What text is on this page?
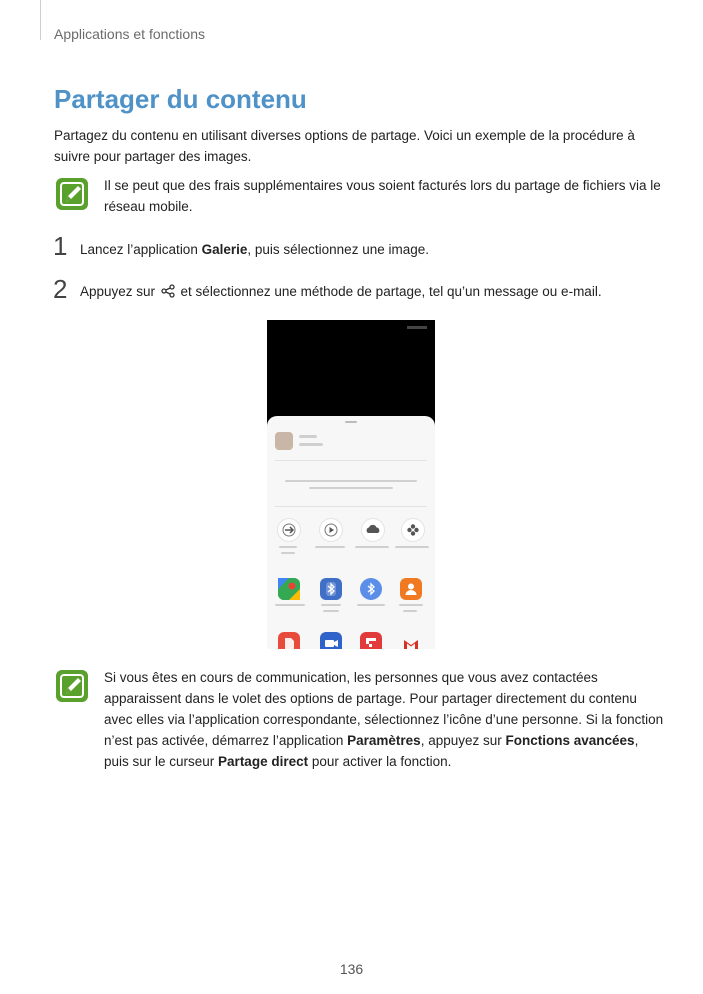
Applications et fonctions
Partager du contenu

Partagez du contenu en utilisant diverses options de partage. Voici un exemple de la procédure à suivre pour partager des images.

Il se peut que des frais supplémentaires vous soient facturés lors du partage de fichiers via le réseau mobile.

1 Lancez l’application Galerie, puis sélectionnez une image.

2 Appuyez sur  et sélectionnez une méthode de partage, tel qu’un message ou e-mail.

Si vous êtes en cours de communication, les personnes que vous avez contactées apparaissent dans le volet des options de partage. Pour partager directement du contenu avec elles via l’application correspondante, sélectionnez l’icône d’une personne. Si la fonction n’est pas activée, démarrez l’application Paramètres, appuyez sur Fonctions avancées, puis sur le curseur Partage direct pour activer la fonction.

136
